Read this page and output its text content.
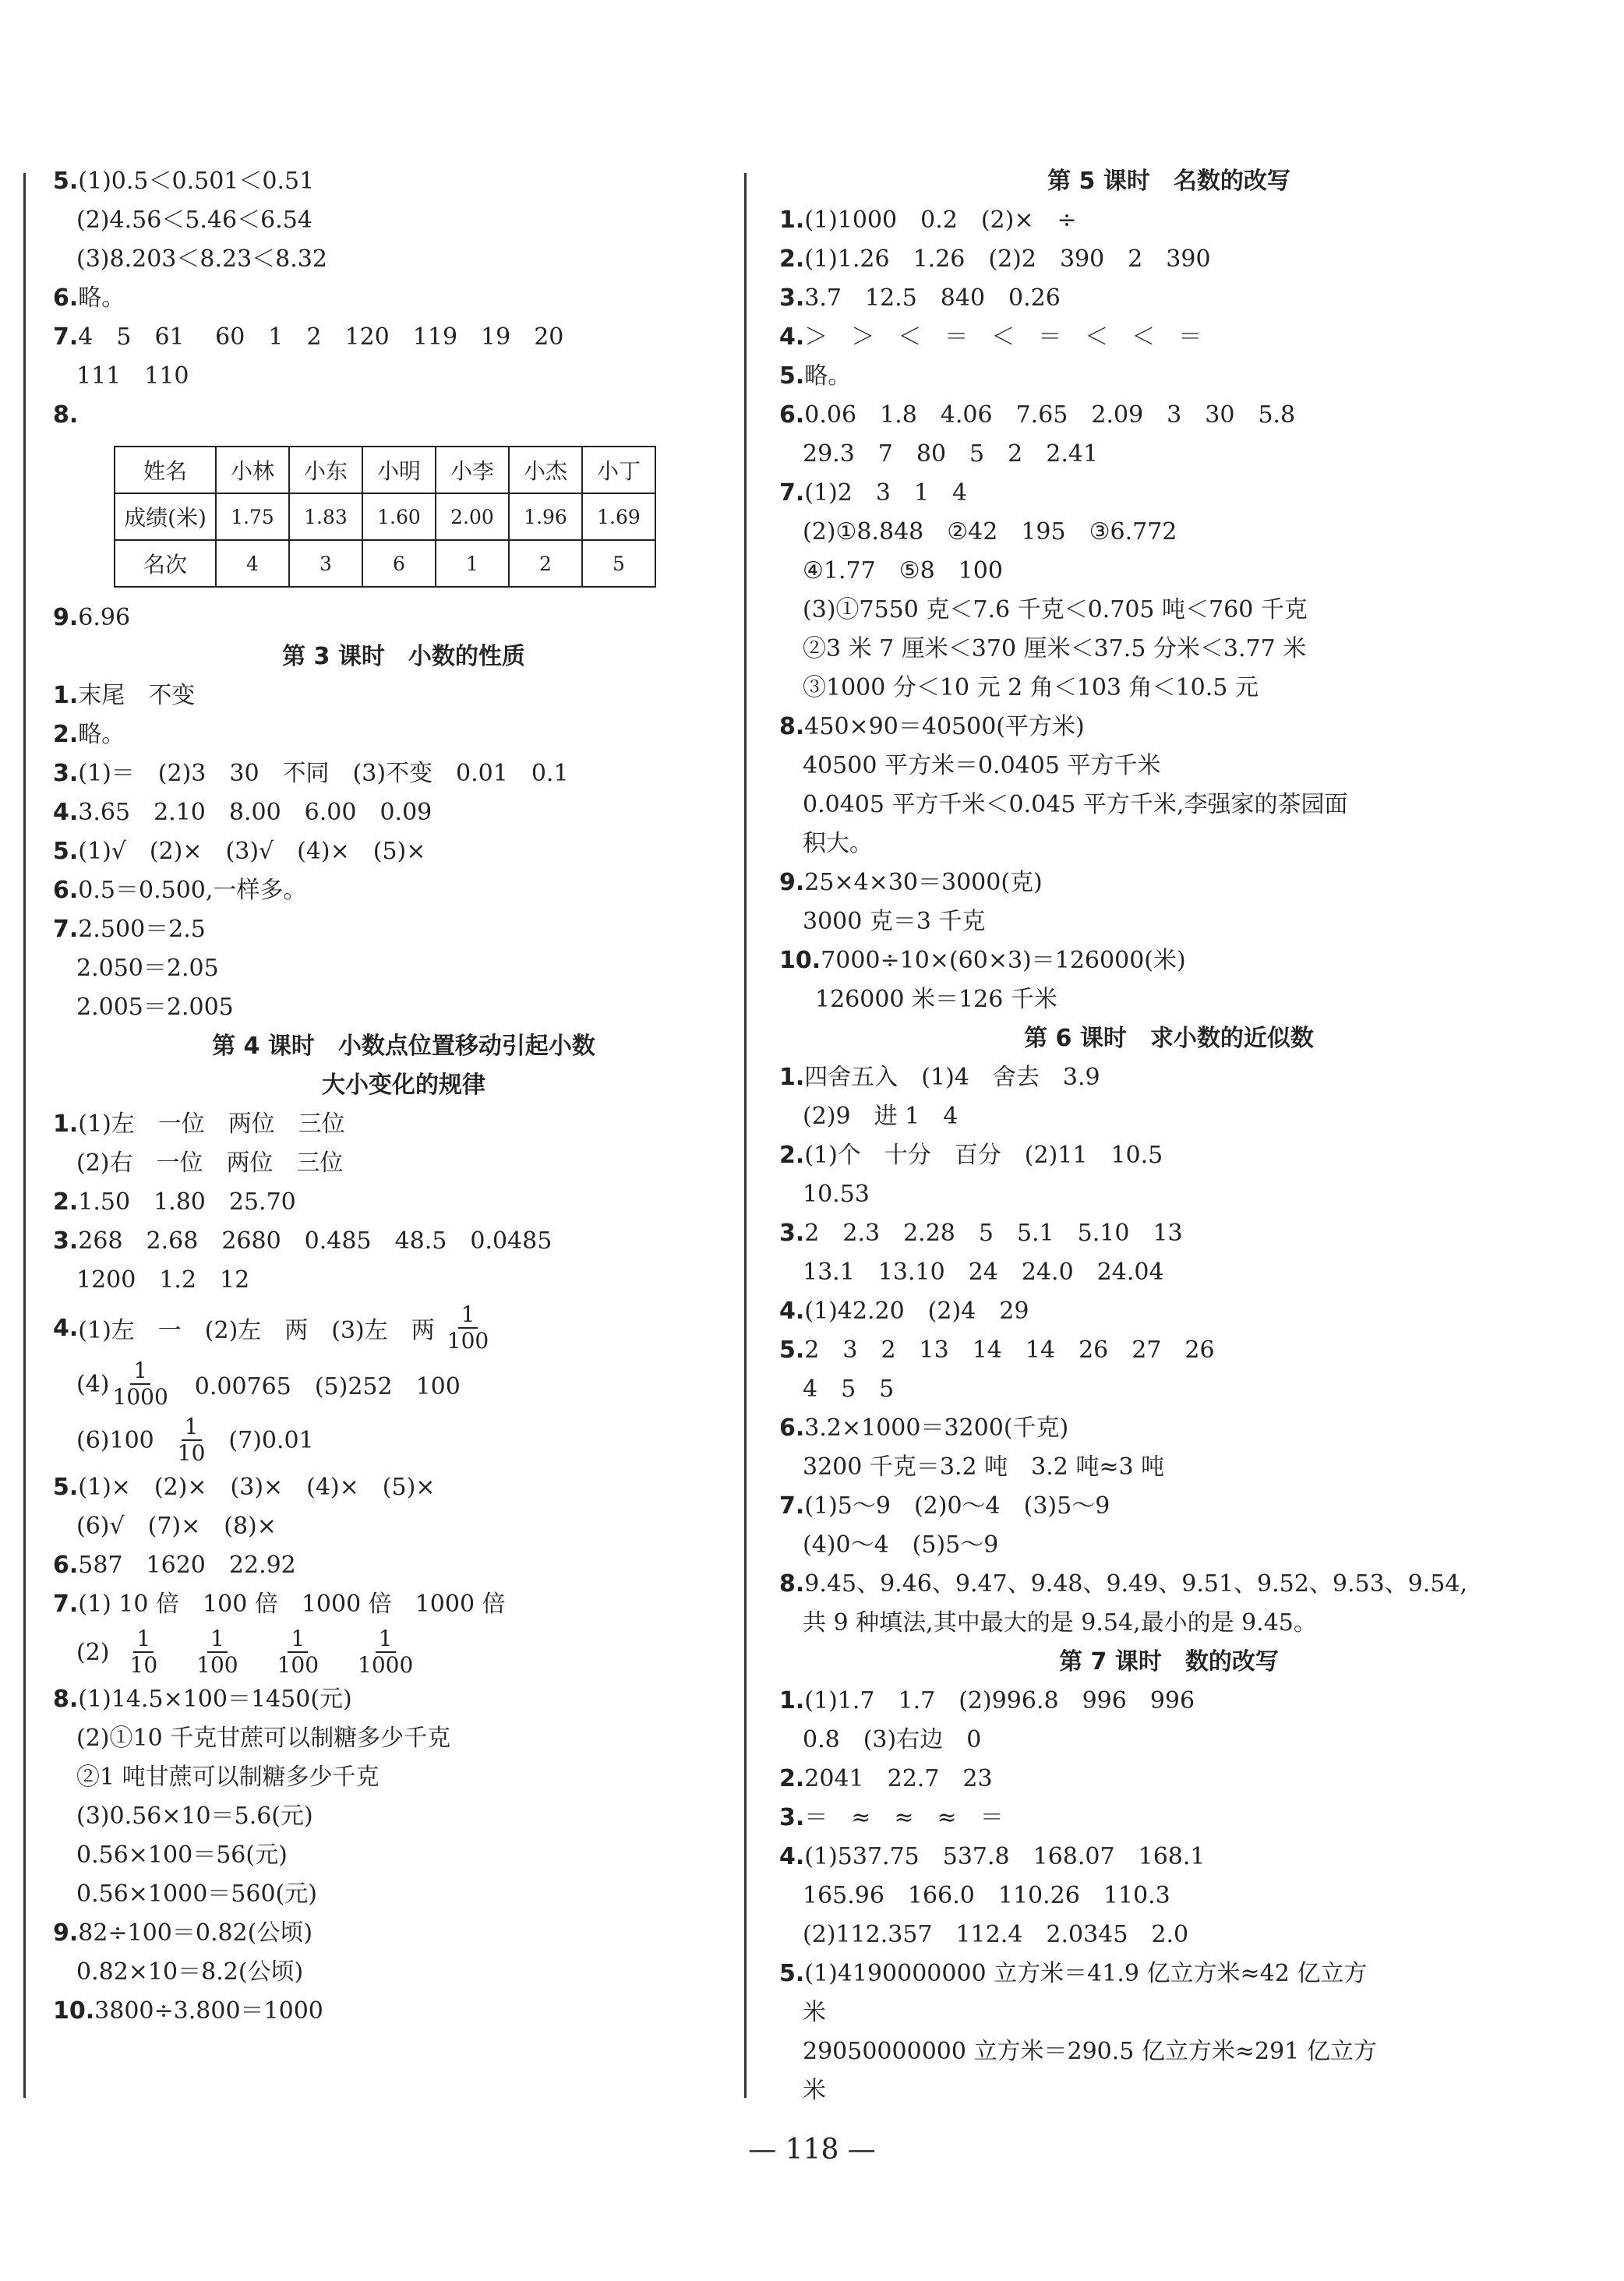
5.(1)0.5＜0.501＜0.51
(2)4.56＜5.46＜6.54
(3)8.203＜8.23＜8.32
6.略。
7.4　5　61　 60　1　2　120　119　19　20
111　110
8.
姓名	小林	小东	小明	小李	小杰	小丁
成绩(米)	1.75	1.83	1.60	2.00	1.96	1.69
名次	4	3	6	1	2	5
9.6.96
第 3 课时　小数的性质
1.末尾　不变
2.略。
3.(1)＝　(2)3　30　不同　(3)不变　0.01　0.1
4.3.65　2.10　8.00　6.00　0.09
5.(1)√　(2)×　(3)√　(4)×　(5)×
6.0.5＝0.500,一样多。
7.2.500＝2.5
2.050＝2.05
2.005＝2.005
第 4 课时　小数点位置移动引起小数
大小变化的规律
1.(1)左　一位　两位　三位
(2)右　一位　两位　三位
2.1.50　1.80　25.70
3.268　2.68　2680　0.485　48.5　0.0485
1200　1.2　12
4. (1)左　一　(2)左　两　(3)左　两 $\frac{1}{100}$
$(4) \frac{1}{1000} 0.00765$　(5)252　100
$(6)100 \frac{1}{10} (7)0.01$
5.(1)×　(2)×　(3)×　(4)×　(5)×
(6)√　(7)×　(8)×
6.587　1620　22.92
7.(1) 10 倍　100 倍　1000 倍　1000 倍
$(2) \frac{1}{10} \frac{1}{100} \frac{1}{100} \frac{1}{1000}$
8.(1)14.5×100＝1450(元)
(2)①10 千克甘蔗可以制糖多少千克
②1 吨甘蔗可以制糖多少千克
(3)0.56×10＝5.6(元)
0.56×100＝56(元)
0.56×1000＝560(元)
9.82÷100＝0.82(公顷)
0.82×10＝8.2(公顷)
10.3800÷3.800＝1000
第 5 课时　名数的改写
1.(1)1000　0.2　(2)×　÷
2.(1)1.26　1.26　(2)2　390　2　390
3.3.7　12.5　840　0.26
4.＞　＞　＜　＝　＜　＝　＜　＜　＝
5.略。
6.0.06　1.8　4.06　7.65　2.09　3　30　5.8
29.3　7　80　5　2　2.41
7.(1)2　3　1　4
(2)①8.848　②42　195　③6.772
④1.77　⑤8　100
(3)①7550 克＜7.6 千克＜0.705 吨＜760 千克
②3 米 7 厘米＜370 厘米＜37.5 分米＜3.77 米
③1000 分＜10 元 2 角＜103 角＜10.5 元
8.450×90＝40500(平方米)
40500 平方米＝0.0405 平方千米
0.0405 平方千米＜0.045 平方千米,李强家的茶园面
积大。
9.25×4×30＝3000(克)
3000 克＝3 千克
10.7000÷10×(60×3)＝126000(米)
126000 米＝126 千米
第 6 课时　求小数的近似数
1.四舍五入　(1)4　舍去　3.9
(2)9　进 1　4
2.(1)个　十分　百分　(2)11　10.5
10.53
3.2　2.3　2.28　5　5.1　5.10　13
13.1　13.10　24　24.0　24.04
4.(1)42.20　(2)4　29
5.2　3　2　13　14　14　26　27　26
4　5　5
6.3.2×1000＝3200(千克)
3200 千克＝3.2 吨　3.2 吨≈3 吨
7.(1)5～9　(2)0～4　(3)5～9
(4)0～4　(5)5～9
8.9.45、9.46、9.47、9.48、9.49、9.51、9.52、9.53、9.54,
共 9 种填法,其中最大的是 9.54,最小的是 9.45。
第 7 课时　数的改写
1.(1)1.7　1.7　(2)996.8　996　996
0.8　(3)右边　0
2.2041　22.7　23
3.＝　≈　≈　≈　＝
4.(1)537.75　537.8　168.07　168.1
165.96　166.0　110.26　110.3
(2)112.357　112.4　2.0345　2.0
5.(1)4190000000 立方米＝41.9 亿立方米≈42 亿立方
米
29050000000 立方米＝290.5 亿立方米≈291 亿立方
米
— 118 —
